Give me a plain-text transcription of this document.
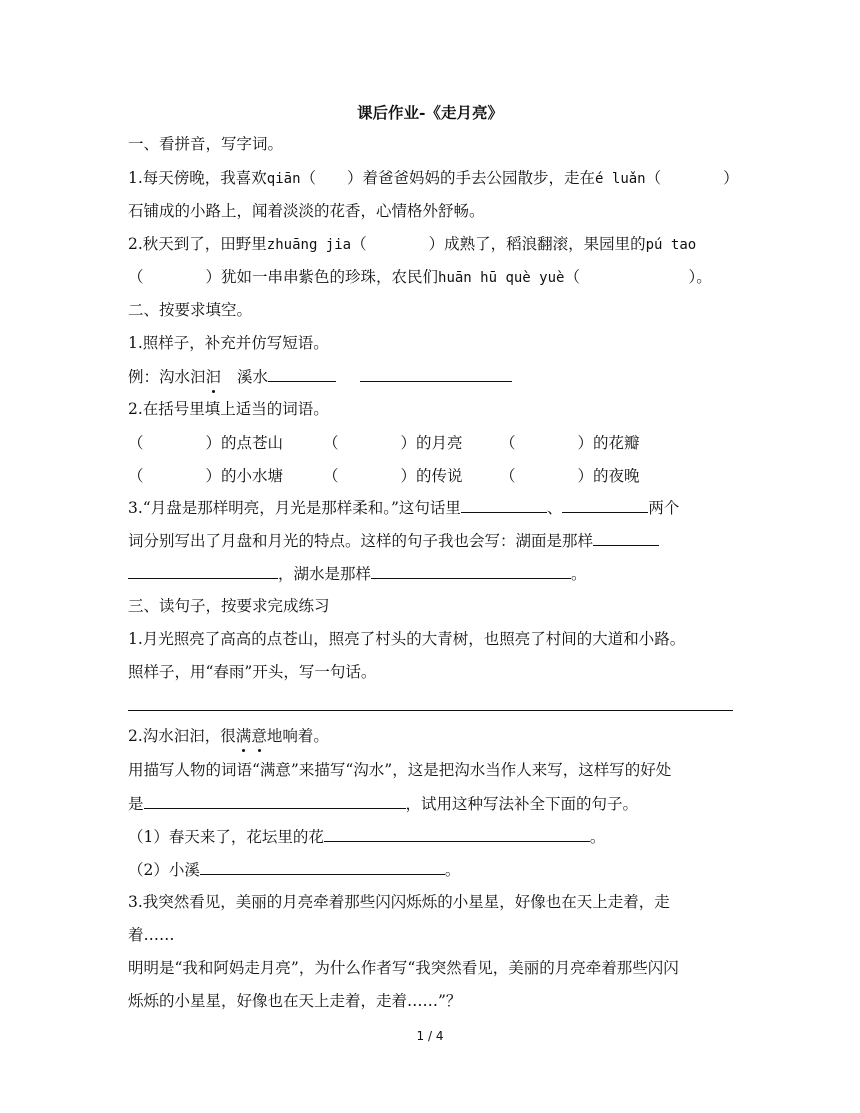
课后作业-《走月亮》
一、看拼音，写字词。
1.每天傍晚，我喜欢qiān（　　）着爸爸妈妈的手去公园散步，走在é luǎn（　　　　）
石铺成的小路上，闻着淡淡的花香，心情格外舒畅。
2.秋天到了，田野里zhuāng jia（　　　　）成熟了，稻浪翻滚，果园里的pú tao
（　　　　）犹如一串串紫色的珍珠，农民们huān hū què yuè（　　　　　　　）。
二、按要求填空。
1.照样子，补充并仿写短语。
例：沟水汩汩 溪水
2.在括号里填上适当的词语。
（　　　　）的点苍山	（　　　　）的月亮 （　　　　）的花瓣
（　　　　）的小水塘	（　　　　）的传说 （　　　　）的夜晚
3.“月盘是那样明亮，月光是那样柔和。”这句话里	、	两个
词分别写出了月盘和月光的特点。这样的句子我也会写：湖面是那样
，湖水是那样	。
三、读句子，按要求完成练习
1.月光照亮了高高的点苍山，照亮了村头的大青树，也照亮了村间的大道和小路。
照样子，用“春雨”开头，写一句话。
2.沟水汩汩，很满意地响着。
用描写人物的词语“满意”来描写“沟水”，这是把沟水当作人来写，这样写的好处
是	，试用这种写法补全下面的句子。
（1）春天来了，花坛里的花	。
（2）小溪	。
3.我突然看见，美丽的月亮牵着那些闪闪烁烁的小星星，好像也在天上走着，走
着……
明明是“我和阿妈走月亮”，为什么作者写“我突然看见，美丽的月亮牵着那些闪闪
烁烁的小星星，好像也在天上走着，走着……”？
1 / 4
